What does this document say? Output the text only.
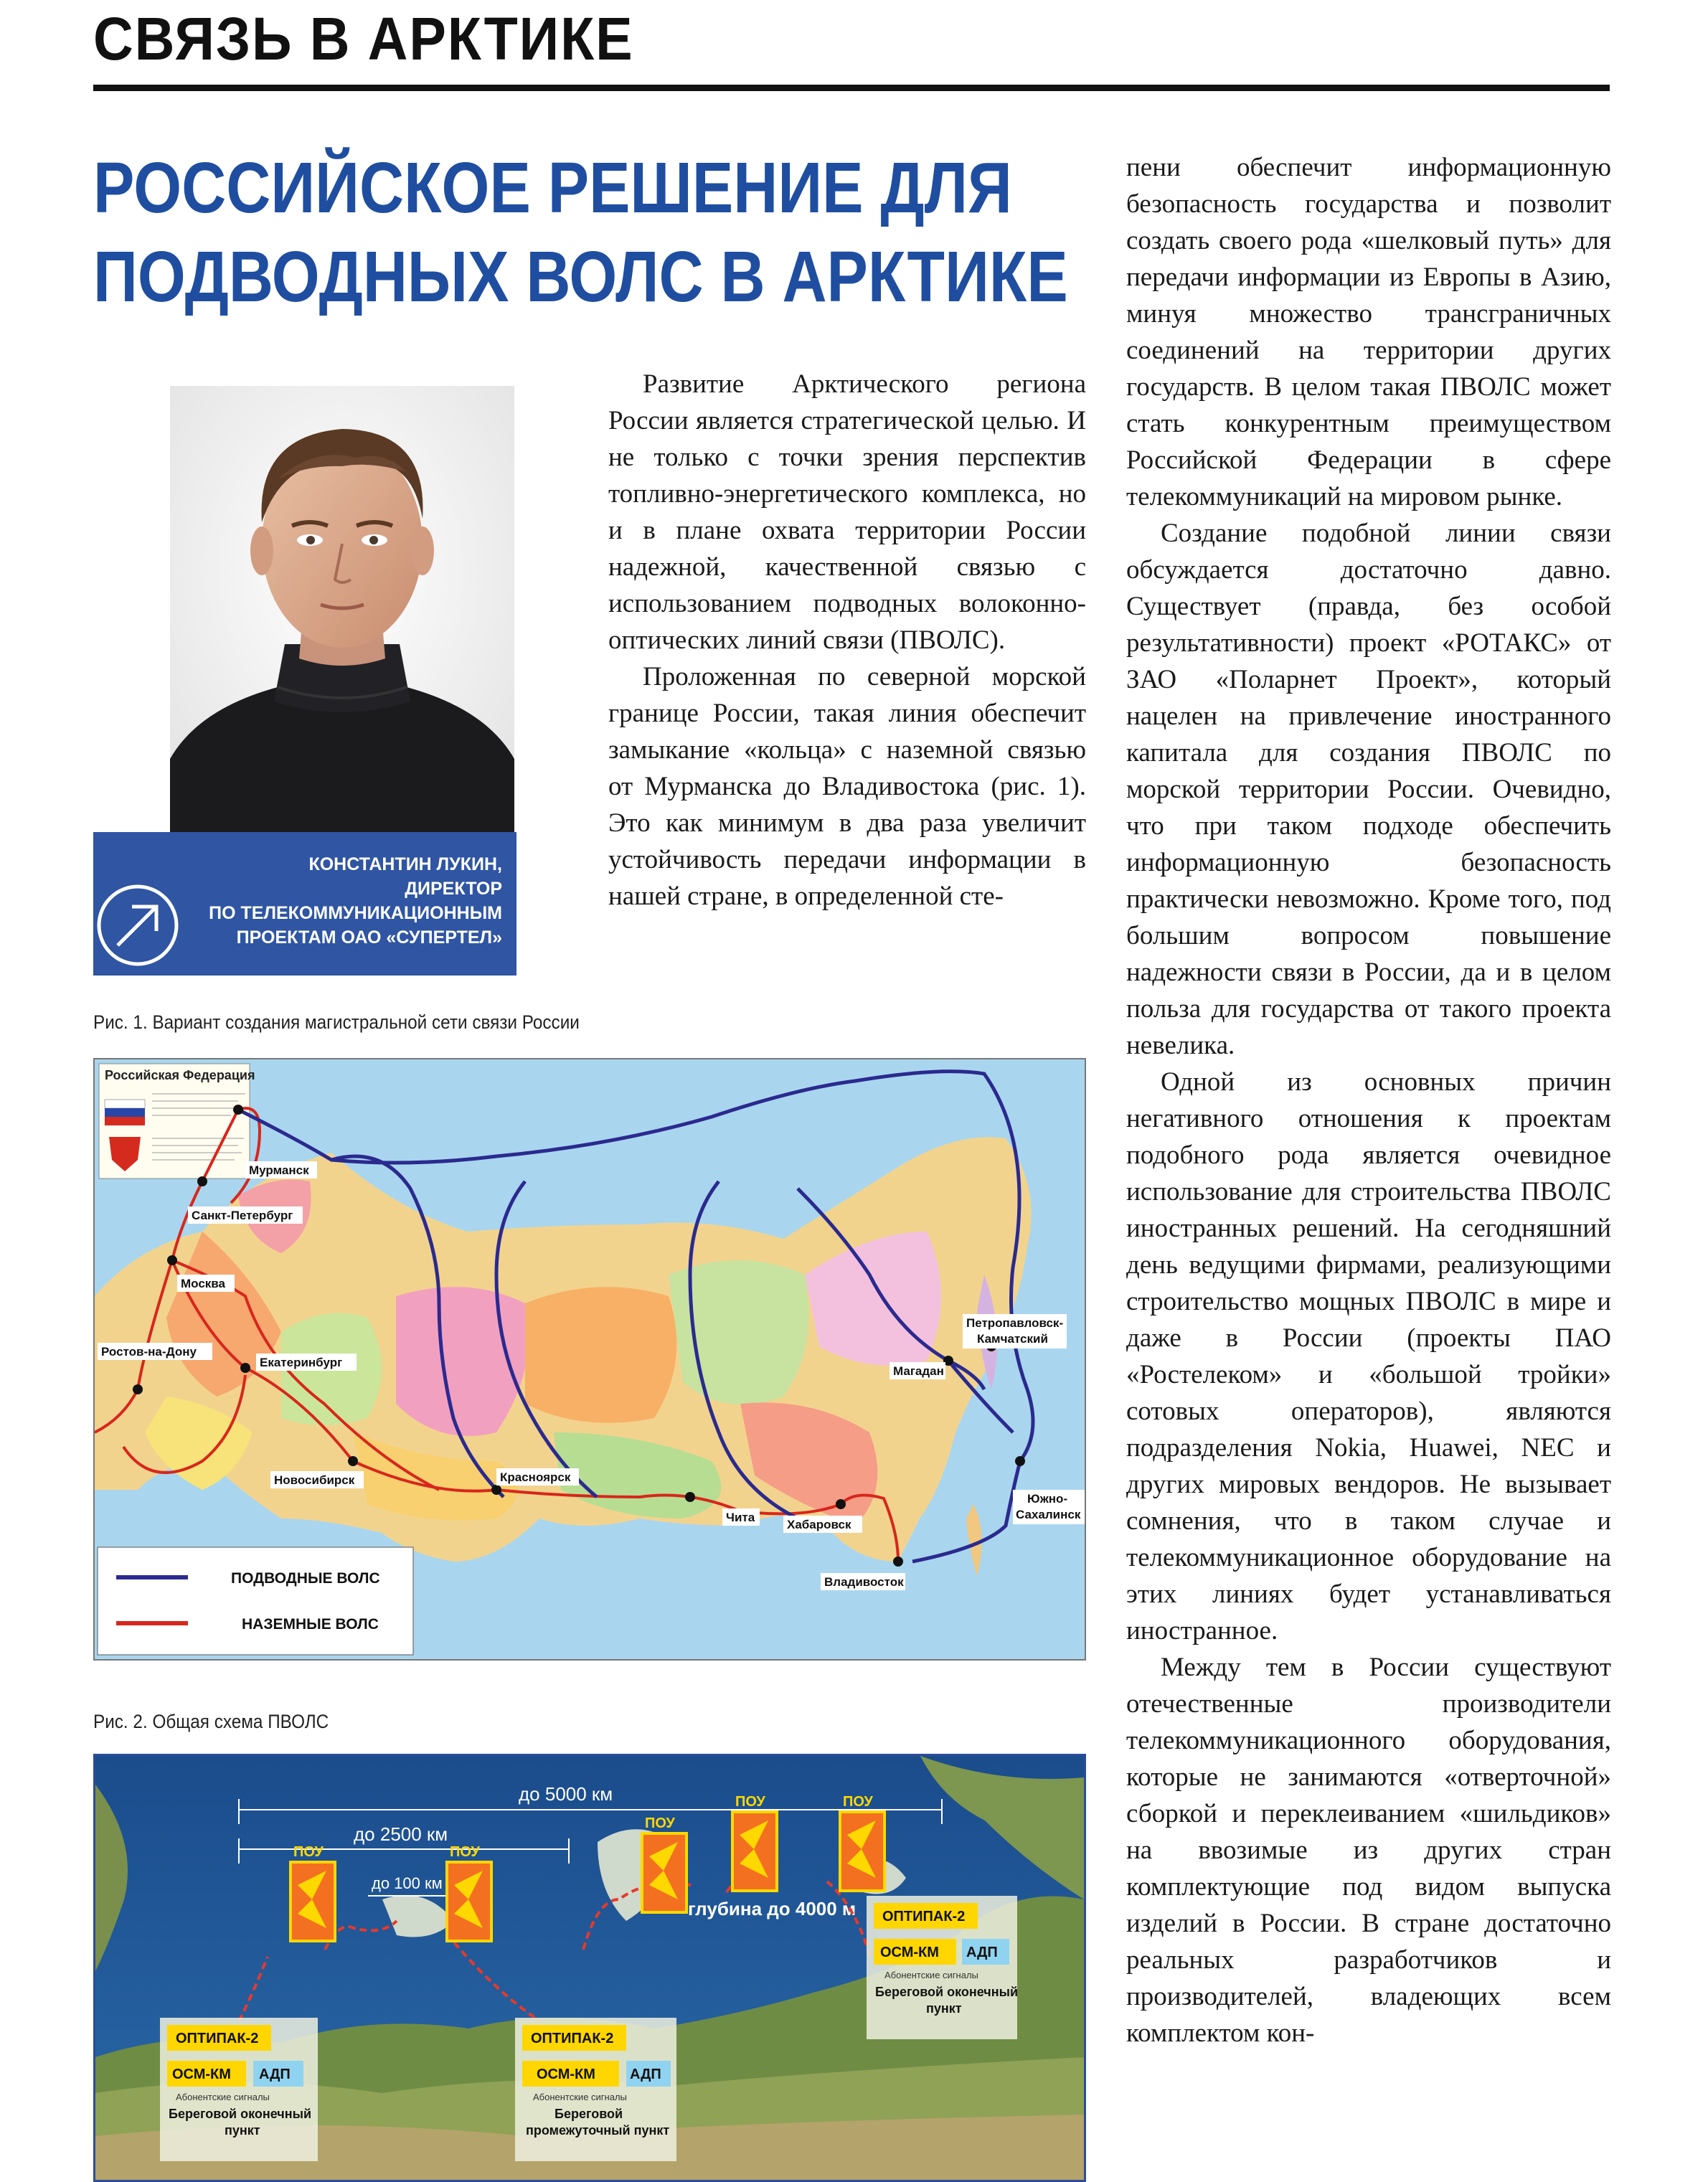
СВЯЗЬ В АРКТИКЕ
РОССИЙСКОЕ РЕШЕНИЕ ДЛЯ
ПОДВОДНЫХ ВОЛС В АРКТИКЕ
КОНСТАНТИН ЛУКИН,
ДИРЕКТОР
ПО ТЕЛЕКОММУНИКАЦИОННЫМ
ПРОЕКТАМ ОАО «СУПЕРТЕЛ»

Развитие Арктического региона России является стратегической целью. И не только с точки зрения перспектив топливно-энергетического комплекса, но и в плане охвата территории России надежной, качественной связью с использованием подводных волоконно-оптических линий связи (ПВОЛС).

Проложенная по северной морской границе России, такая линия обеспечит замыкание «кольца» с наземной связью от Мурманска до Владивостока (рис. 1). Это как минимум в два раза увеличит устойчивость передачи информации в нашей стране, в определенной сте-

пени обеспечит информационную безопасность государства и позволит создать своего рода «шелковый путь» для передачи информации из Европы в Азию, минуя множество трансграничных соединений на территории других государств. В целом такая ПВОЛС может стать конкурентным преимуществом Российской Федерации в сфере телекоммуникаций на мировом рынке.

Создание подобной линии связи обсуждается достаточно давно. Существует (правда, без особой результативности) проект «РОТАКС» от ЗАО «Поларнет Проект», который нацелен на привлечение иностранного капитала для создания ПВОЛС по морской территории России. Очевидно, что при таком подходе обеспечить информационную безопасность практически невозможно. Кроме того, под большим вопросом повышение надежности связи в России, да и в целом польза для государства от такого проекта невелика.

Одной из основных причин негативного отношения к проектам подобного рода является очевидное использование для строительства ПВОЛС иностранных решений. На сегодняшний день ведущими фирмами, реализующими строительство мощных ПВОЛС в мире и даже в России (проекты ПАО «Ростелеком» и «большой тройки» сотовых операторов), являются подразделения Nokia, Huawei, NEC и других мировых вендоров. Не вызывает сомнения, что в таком случае и телекоммуникационное оборудование на этих линиях будет устанавливаться иностранное.

Между тем в России существуют отечественные производители телекоммуникационного оборудования, которые не занимаются «отверточной» сборкой и переклеиванием «шильдиков» на ввозимые из других стран комплектующие под видом выпуска изделий в России. В стране достаточно реальных разработчиков и производителей, владеющих всем комплектом кон-

Рис. 1. Вариант создания магистральной сети связи России
Российская Федерация
Мурманск
Санкт-Петербург
Москва
Ростов-на-Дону
Екатеринбург
Новосибирск	Красноярск
Чита
Хабаровск
Владивосток
Южно-
Сахалинск
Магадан
Петропавловск-
Камчатский
ПОДВОДНЫЕ ВОЛС
НАЗЕМНЫЕ ВОЛС
Рис. 2. Общая схема ПВОЛС
до 5000 км
до 2500 км
до 100 км
глубина до 4000 м
ПОУ	ПОУ
ПОУ
ПОУ	ПОУ
ОПТИПАК-2
ОСМ-КМ АДП
Абонентские сигналы
Береговой оконечный
пункт
ОПТИПАК-2
ОСМ-КМ АДП
Абонентские сигналы
Береговой
промежуточный пункт
ОПТИПАК-2
ОСМ-КМ АДП
Абонентские сигналы
Береговой оконечный
пункт
